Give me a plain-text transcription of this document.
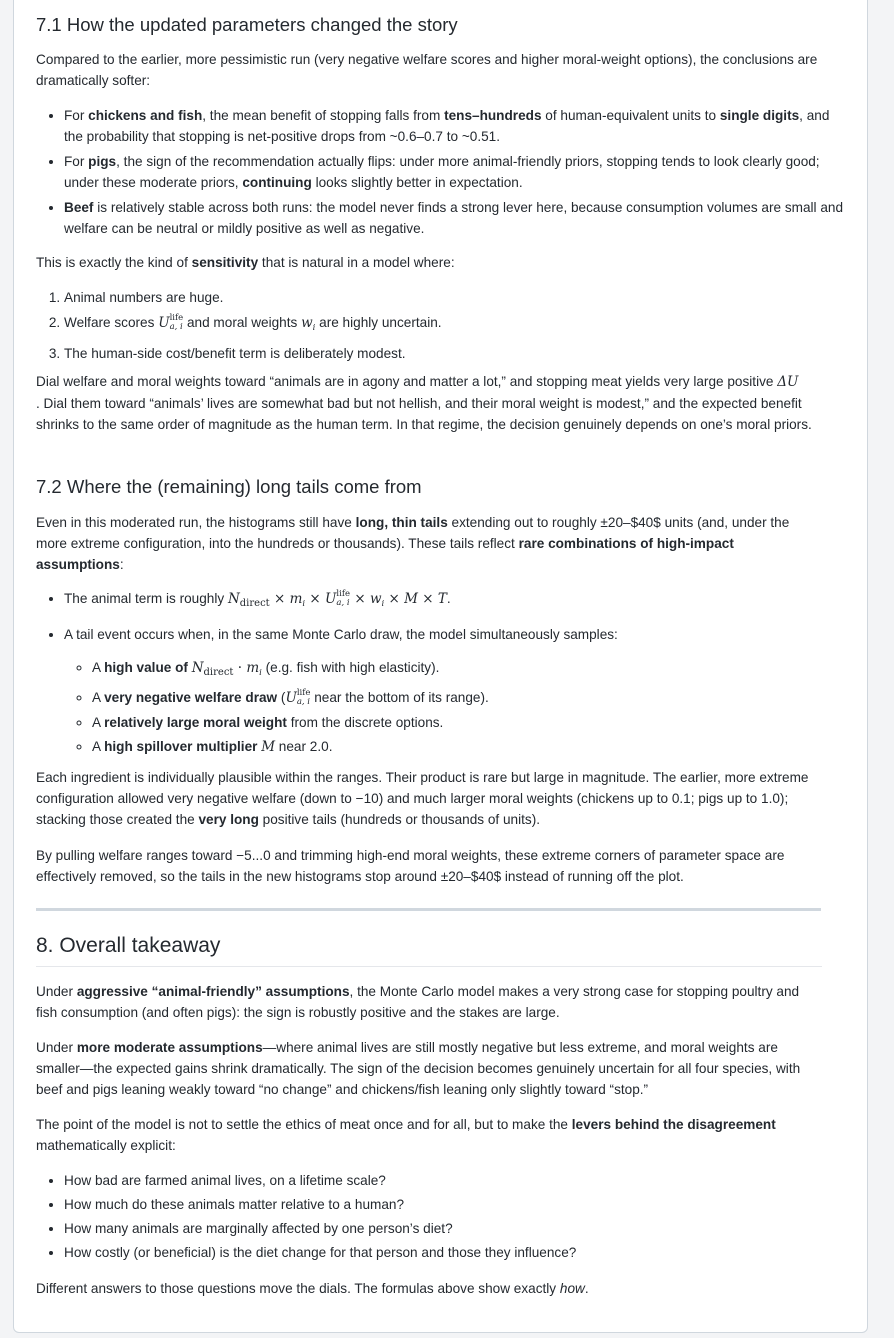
7.1 How the updated parameters changed the story

Compared to the earlier, more pessimistic run (very negative welfare scores and higher moral-weight options), the conclusions are dramatically softer:

• For chickens and fish, the mean benefit of stopping falls from tens–hundreds of human-equivalent units to single digits, and the probability that stopping is net-positive drops from ~0.6–0.7 to ~0.51.
• For pigs, the sign of the recommendation actually flips: under more animal-friendly priors, stopping tends to look clearly good; under these moderate priors, continuing looks slightly better in expectation.
• Beef is relatively stable across both runs: the model never finds a strong lever here, because consumption volumes are small and welfare can be neutral or mildly positive as well as negative.

This is exactly the kind of sensitivity that is natural in a model where:

1. Animal numbers are huge.
2. Welfare scores U life
a, i and moral weights $w_i$ are highly uncertain.
3. The human-side cost/benefit term is deliberately modest.

Dial welfare and moral weights toward “animals are in agony and matter a lot,” and stopping meat yields very large positive ΔU
. Dial them toward “animals’ lives are somewhat bad but not hellish, and their moral weight is modest,” and the expected benefit shrinks to the same order of magnitude as the human term. In that regime, the decision genuinely depends on one’s moral priors.

7.2 Where the (remaining) long tails come from

Even in this moderated run, the histograms still have long, thin tails extending out to roughly ±20–$40$ units (and, under the more extreme configuration, into the hundreds or thousands). These tails reflect rare combinations of high-impact assumptions:

• The animal term is roughly $N_{direct} \times m_i \times U$ life
a, $i \times w_i \times M \times T$.
• A tail event occurs when, in the same Monte Carlo draw, the model simultaneously samples:
◦ A high value of $N_{direct} \cdot m_i$ (e.g. fish with high elasticity).
◦ A very negative welfare draw (U life
a, i near the bottom of its range).
◦ A relatively large moral weight from the discrete options.
◦ A high spillover multiplier M near 2.0.

Each ingredient is individually plausible within the ranges. Their product is rare but large in magnitude. The earlier, more extreme configuration allowed very negative welfare (down to −10) and much larger moral weights (chickens up to 0.1; pigs up to 1.0); stacking those created the very long positive tails (hundreds or thousands of units).

By pulling welfare ranges toward −5...0 and trimming high-end moral weights, these extreme corners of parameter space are effectively removed, so the tails in the new histograms stop around ±20–$40$ instead of running off the plot.

8. Overall takeaway

Under aggressive “animal-friendly” assumptions, the Monte Carlo model makes a very strong case for stopping poultry and fish consumption (and often pigs): the sign is robustly positive and the stakes are large.

Under more moderate assumptions—where animal lives are still mostly negative but less extreme, and moral weights are smaller—the expected gains shrink dramatically. The sign of the decision becomes genuinely uncertain for all four species, with beef and pigs leaning weakly toward “no change” and chickens/fish leaning only slightly toward “stop.”

The point of the model is not to settle the ethics of meat once and for all, but to make the levers behind the disagreement mathematically explicit:

• How bad are farmed animal lives, on a lifetime scale?
• How much do these animals matter relative to a human?
• How many animals are marginally affected by one person’s diet?
• How costly (or beneficial) is the diet change for that person and those they influence?

Different answers to those questions move the dials. The formulas above show exactly how.
